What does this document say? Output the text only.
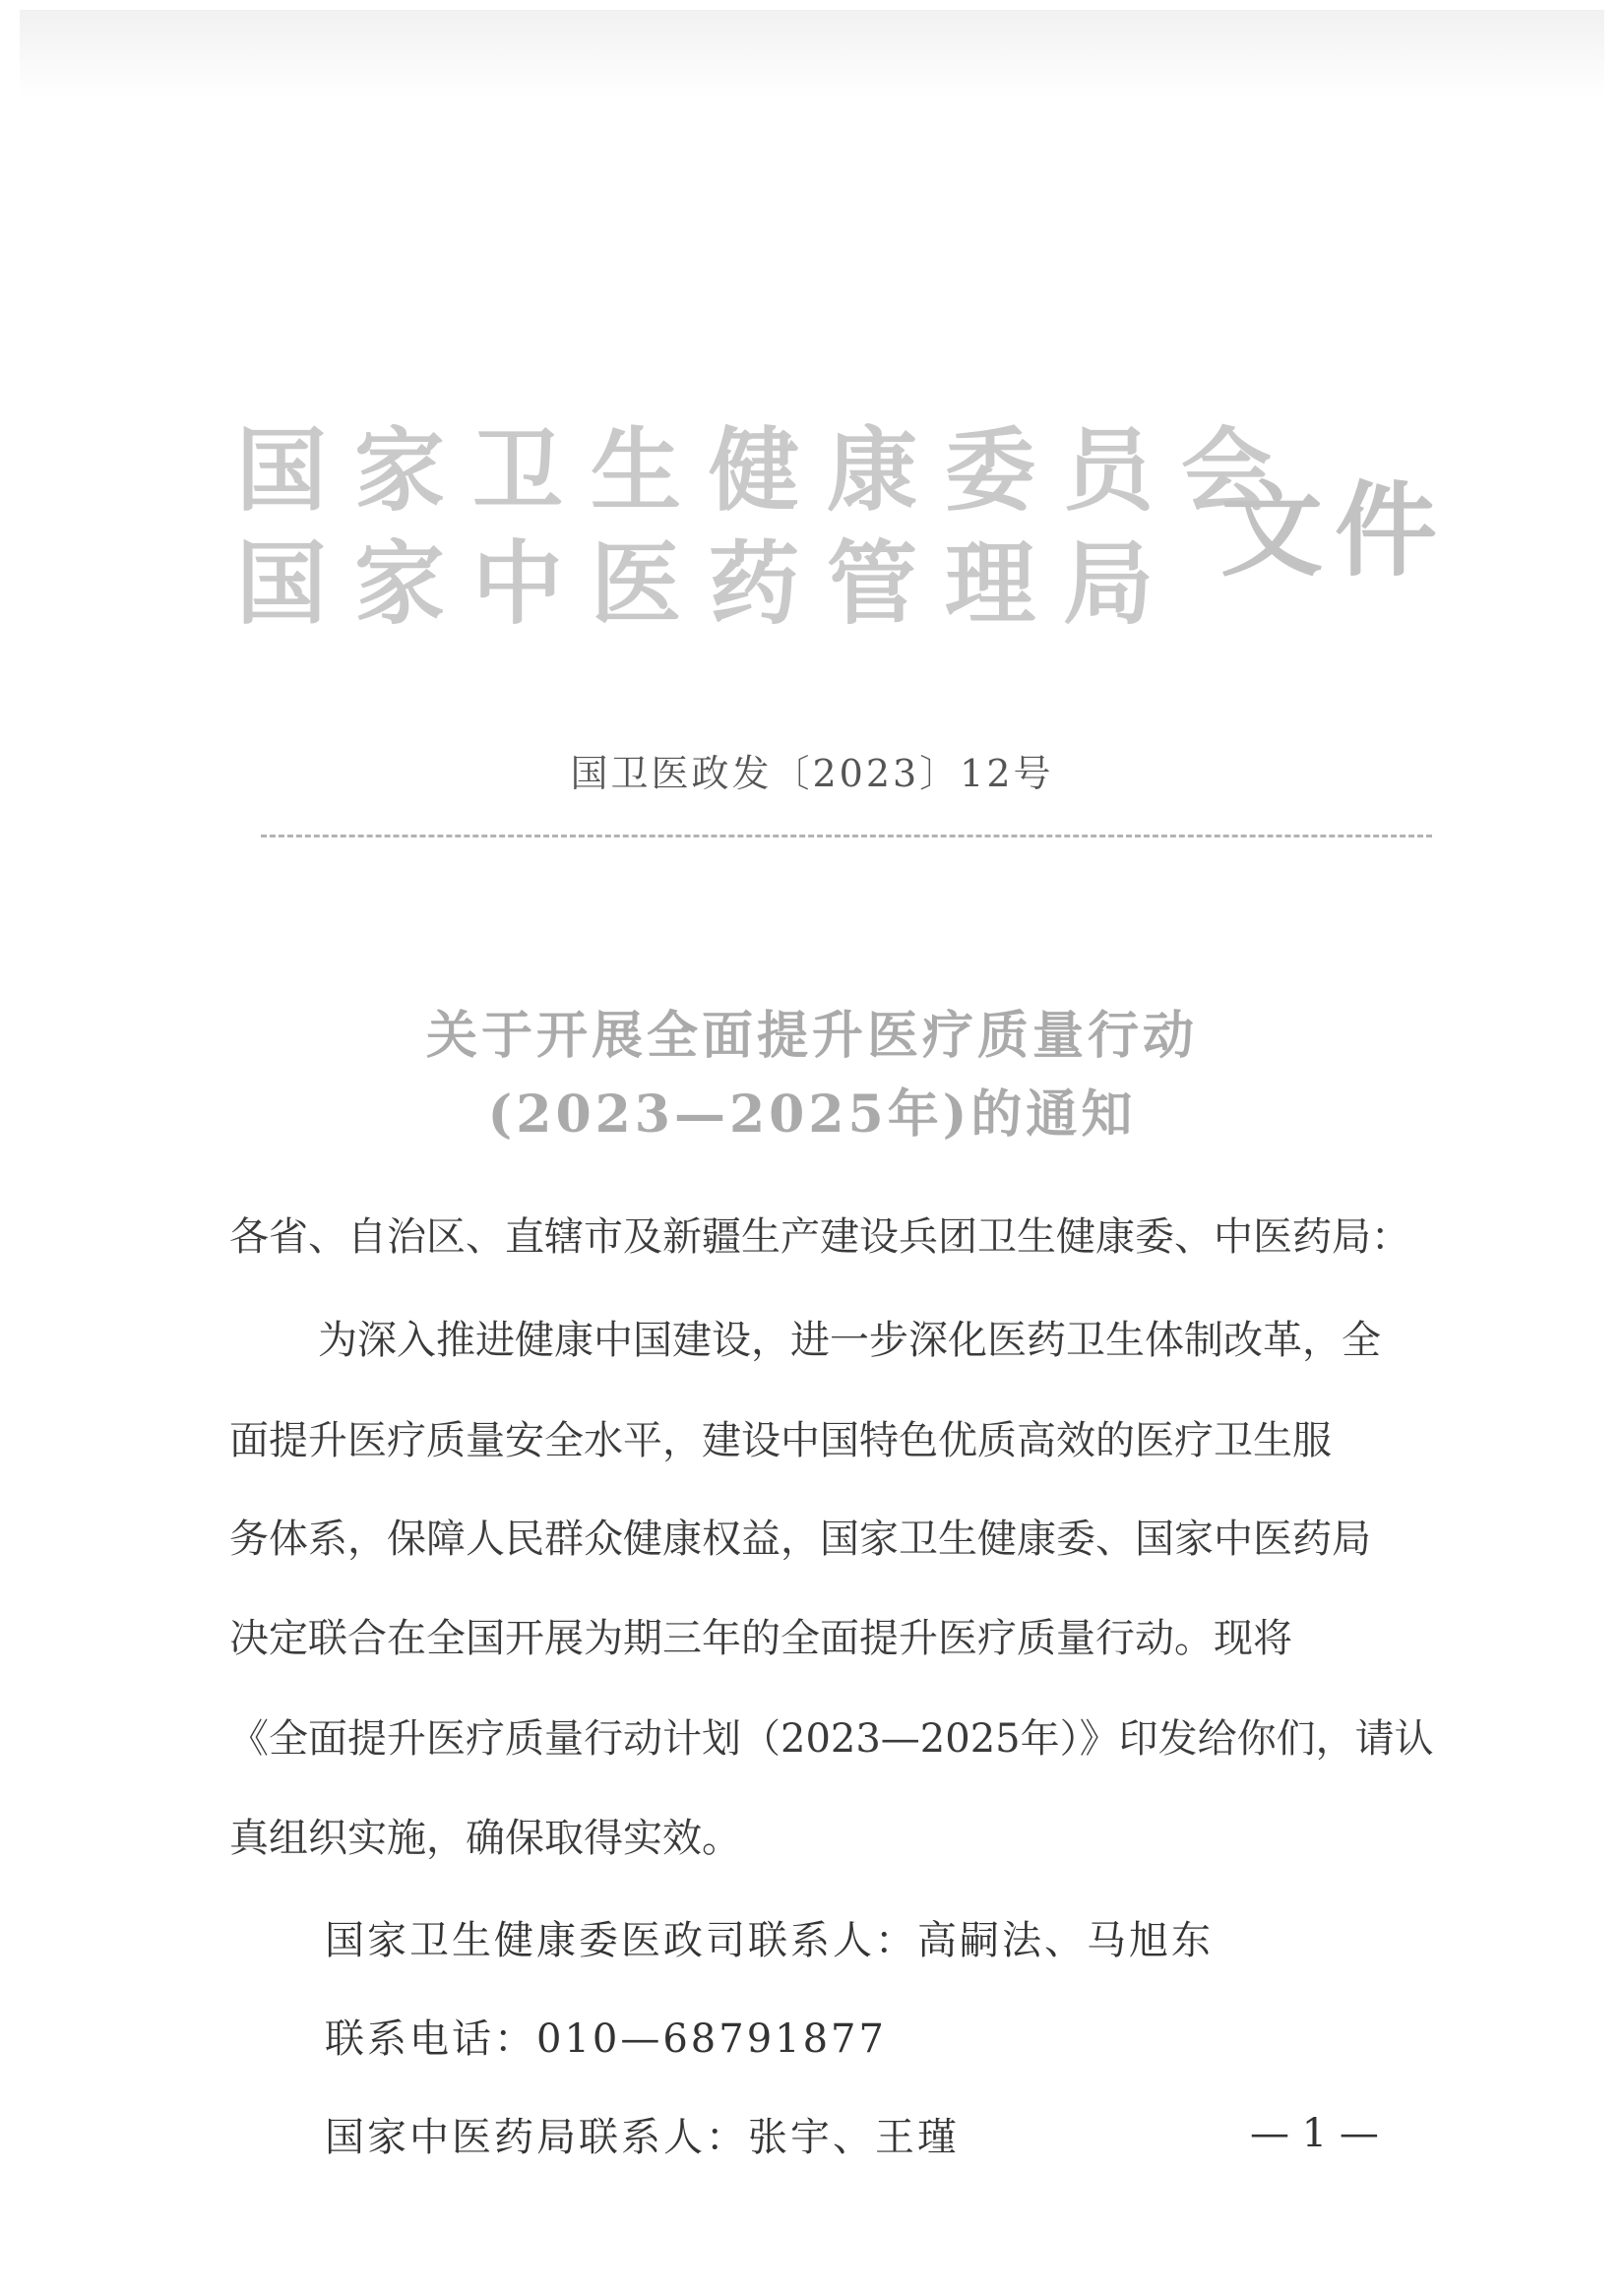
国家卫生健康委员会
国家中医药管理局 文件
国卫医政发〔2023〕12号
关于开展全面提升医疗质量行动
(2023—2025年)的通知
各省、自治区、直辖市及新疆生产建设兵团卫生健康委、中医药局：
为深入推进健康中国建设，进一步深化医药卫生体制改革，全
面提升医疗质量安全水平，建设中国特色优质高效的医疗卫生服
务体系，保障人民群众健康权益，国家卫生健康委、国家中医药局
决定联合在全国开展为期三年的全面提升医疗质量行动。现将
《全面提升医疗质量行动计划（2023—2025年）》印发给你们，请认
真组织实施，确保取得实效。
国家卫生健康委医政司联系人：高嗣法、马旭东
联系电话：010—68791877
国家中医药局联系人：张宇、王瑾	— 1 —
